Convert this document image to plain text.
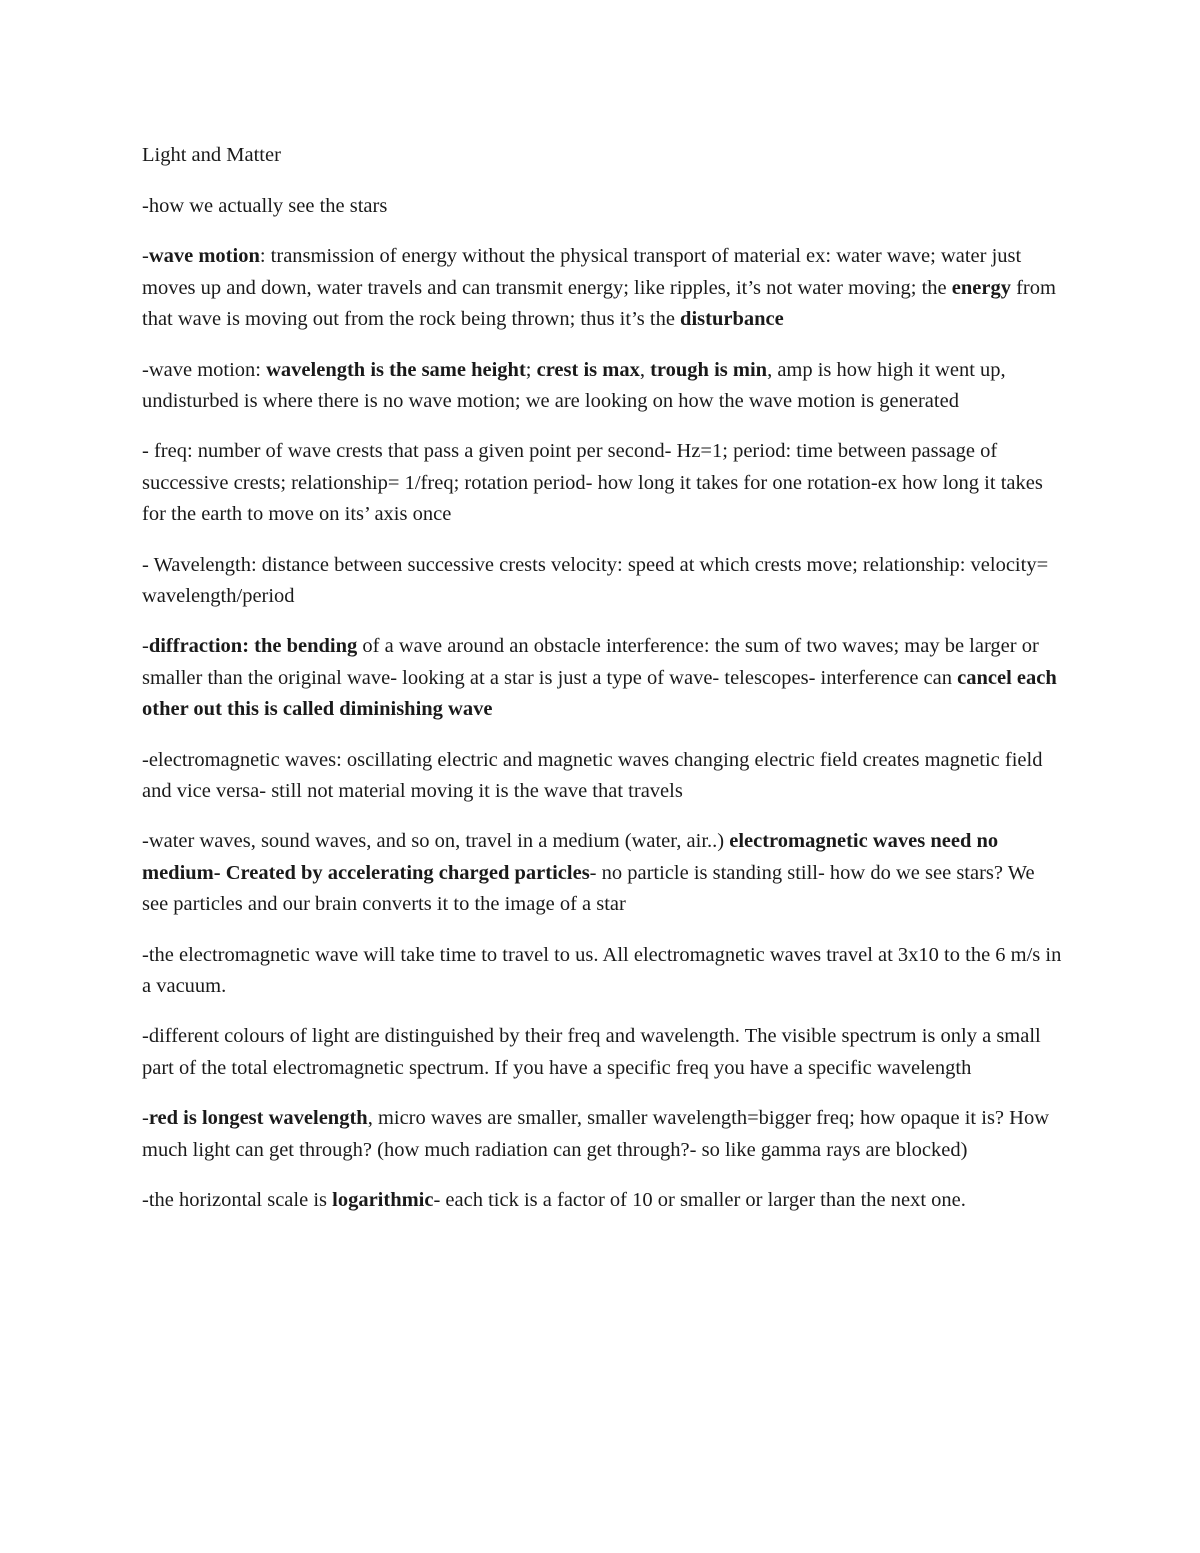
Light and Matter

-how we actually see the stars

-wave motion: transmission of energy without the physical transport of material ex: water wave; water just moves up and down, water travels and can transmit energy; like ripples, it’s not water moving; the energy from that wave is moving out from the rock being thrown; thus it’s the disturbance

-wave motion: wavelength is the same height; crest is max, trough is min, amp is how high it went up, undisturbed is where there is no wave motion; we are looking on how the wave motion is generated

- freq: number of wave crests that pass a given point per second- Hz=1; period: time between passage of successive crests; relationship= 1/freq; rotation period- how long it takes for one rotation-ex how long it takes for the earth to move on its’ axis once

- Wavelength: distance between successive crests velocity: speed at which crests move; relationship: velocity= wavelength/period

-diffraction: the bending of a wave around an obstacle interference: the sum of two waves; may be larger or smaller than the original wave- looking at a star is just a type of wave- telescopes- interference can cancel each other out this is called diminishing wave

-electromagnetic waves: oscillating electric and magnetic waves changing electric field creates magnetic field and vice versa- still not material moving it is the wave that travels

-water waves, sound waves, and so on, travel in a medium (water, air..) electromagnetic waves need no medium- Created by accelerating charged particles- no particle is standing still- how do we see stars? We see particles and our brain converts it to the image of a star

-the electromagnetic wave will take time to travel to us. All electromagnetic waves travel at 3x10 to the 6 m/s in a vacuum.

-different colours of light are distinguished by their freq and wavelength. The visible spectrum is only a small part of the total electromagnetic spectrum. If you have a specific freq you have a specific wavelength

-red is longest wavelength, micro waves are smaller, smaller wavelength=bigger freq; how opaque it is? How much light can get through? (how much radiation can get through?- so like gamma rays are blocked)

-the horizontal scale is logarithmic- each tick is a factor of 10 or smaller or larger than the next one.
